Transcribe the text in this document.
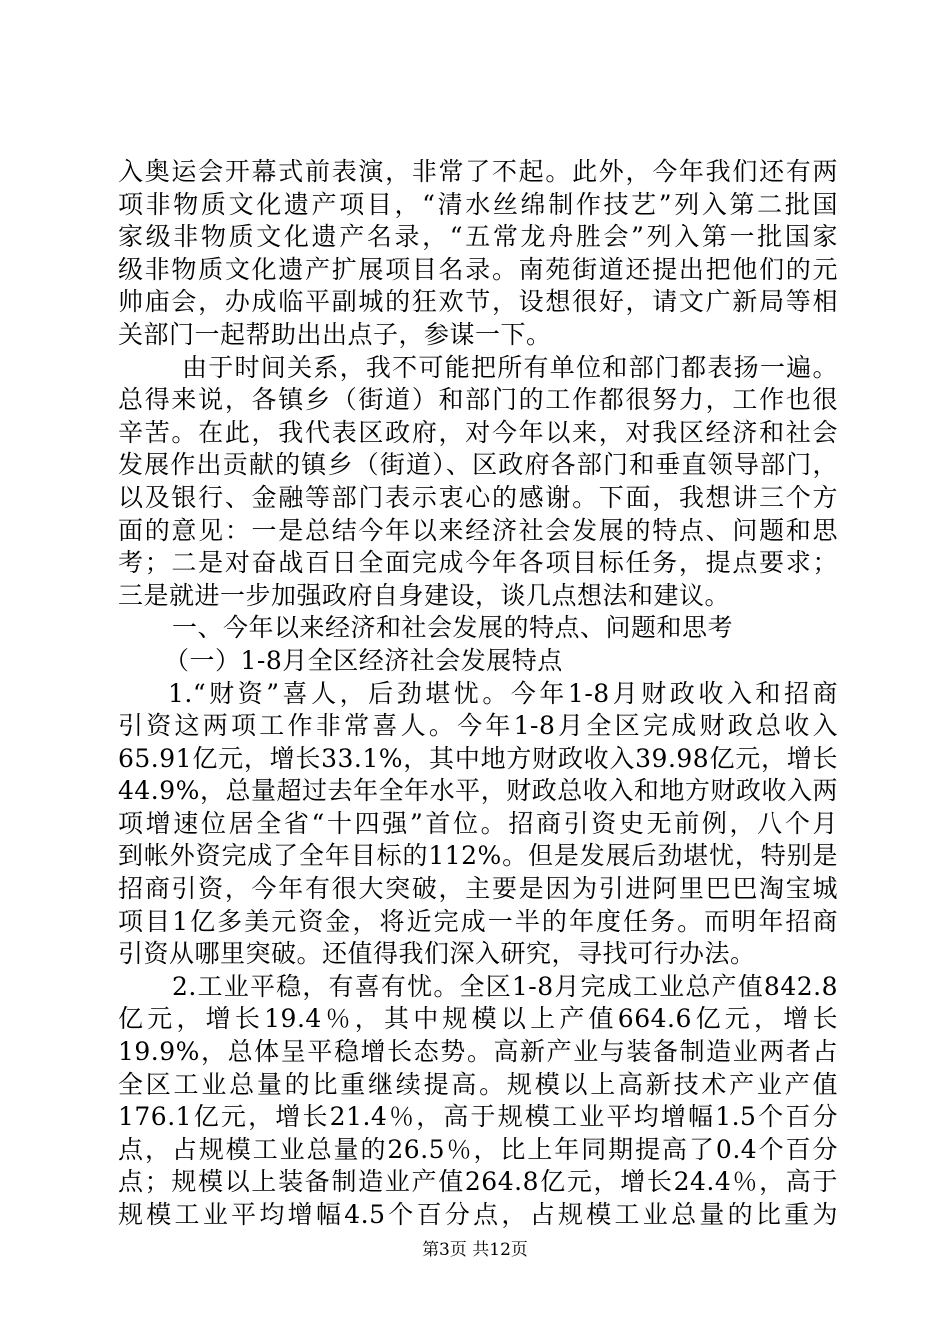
入奥运会开幕式前表演，非常了不起。此外，今年我们还有两
项非物质文化遗产项目，“清水丝绵制作技艺”列入第二批国
家级非物质文化遗产名录，“五常龙舟胜会”列入第一批国家
级非物质文化遗产扩展项目名录。南苑街道还提出把他们的元
帅庙会，办成临平副城的狂欢节，设想很好，请文广新局等相
关部门一起帮助出出点子，参谋一下。
由于时间关系，我不可能把所有单位和部门都表扬一遍。
总得来说，各镇乡（街道）和部门的工作都很努力，工作也很
辛苦。在此，我代表区政府，对今年以来，对我区经济和社会
发展作出贡献的镇乡（街道）、区政府各部门和垂直领导部门，
以及银行、金融等部门表示衷心的感谢。下面，我想讲三个方
面的意见：一是总结今年以来经济社会发展的特点、问题和思
考；二是对奋战百日全面完成今年各项目标任务，提点要求；
三是就进一步加强政府自身建设，谈几点想法和建议。
一、今年以来经济和社会发展的特点、问题和思考
（一）1-8月全区经济社会发展特点
1.“财资”喜人，后劲堪忧。今年1-8月财政收入和招商
引资这两项工作非常喜人。今年1-8月全区完成财政总收入
65.91亿元，增长33.1%，其中地方财政收入39.98亿元，增长
44.9%，总量超过去年全年水平，财政总收入和地方财政收入两
项增速位居全省“十四强”首位。招商引资史无前例，八个月
到帐外资完成了全年目标的112%。但是发展后劲堪忧，特别是
招商引资，今年有很大突破，主要是因为引进阿里巴巴淘宝城
项目1亿多美元资金，将近完成一半的年度任务。而明年招商
引资从哪里突破。还值得我们深入研究，寻找可行办法。
2.工业平稳，有喜有忧。全区1-8月完成工业总产值842.8
亿元，增长19.4％，其中规模以上产值664.6亿元，增长
19.9%，总体呈平稳增长态势。高新产业与装备制造业两者占
全区工业总量的比重继续提高。规模以上高新技术产业产值
176.1亿元，增长21.4％，高于规模工业平均增幅1.5个百分
点，占规模工业总量的26.5％，比上年同期提高了0.4个百分
点；规模以上装备制造业产值264.8亿元，增长24.4％，高于
规模工业平均增幅4.5个百分点，占规模工业总量的比重为
第3页 共12页
